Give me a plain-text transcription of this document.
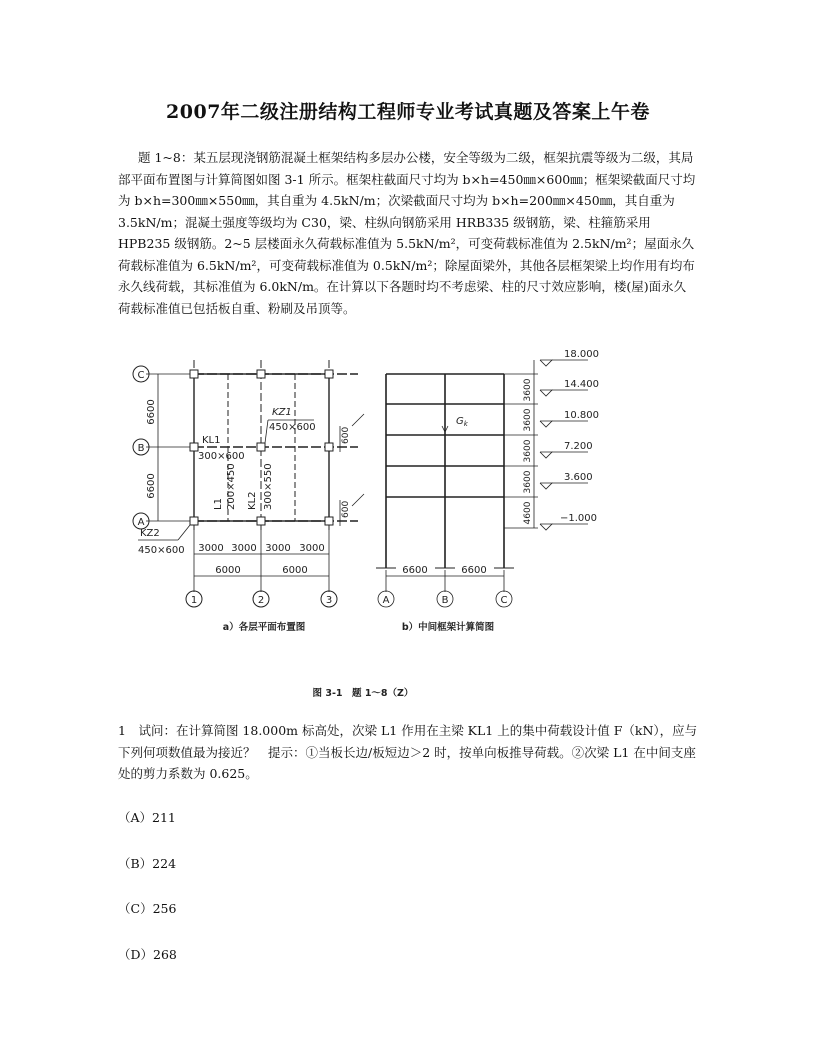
2007年二级注册结构工程师专业考试真题及答案上午卷

题 1~8：某五层现浇钢筋混凝土框架结构多层办公楼，安全等级为二级，框架抗震等级为二级，其局部平面布置图与计算简图如图 3-1 所示。框架柱截面尺寸均为 b×h=450㎜×600㎜；框架梁截面尺寸均为 b×h=300㎜×550㎜，其自重为 4.5kN/m；次梁截面尺寸均为 b×h=200㎜×450㎜，其自重为 3.5kN/m；混凝土强度等级均为 C30，梁、柱纵向钢筋采用 HRB335 级钢筋，梁、柱箍筋采用 HPB235 级钢筋。2~5 层楼面永久荷载标准值为 5.5kN/m²，可变荷载标准值为 2.5kN/m²；屋面永久荷载标准值为 6.5kN/m²，可变荷载标准值为 0.5kN/m²；除屋面梁外，其他各层框架梁上均作用有均布永久线荷载，其标准值为 6.0kN/m。在计算以下各题时均不考虑梁、柱的尺寸效应影响，楼(屋)面永久荷载标准值已包括板自重、粉刷及吊顶等。

C
B
A
1	2	3
6600
6600
3000 3000 3000 3000
6000	6000
KZ1
450×600
KL1
300×600
L1 200×450 KL2 300×550
KZ2
450×600
600
600
a）各层平面布置图
18.000
14.400
10.800
7.200
3.600
−1.000
3600
3600
3600
3600
4600
$G_k$
6600	6600
A	B	C
b）中间框架计算简图
图 3-1　题 1～8（Z）

1　试问：在计算简图 18.000m 标高处，次梁 L1 作用在主梁 KL1 上的集中荷载设计值 F（kN），应与下列何项数值最为接近？　提示：①当板长边/板短边＞2 时，按单向板推导荷载。②次梁 L1 在中间支座处的剪力系数为 0.625。

（A）211
（B）224
（C）256
（D）268
